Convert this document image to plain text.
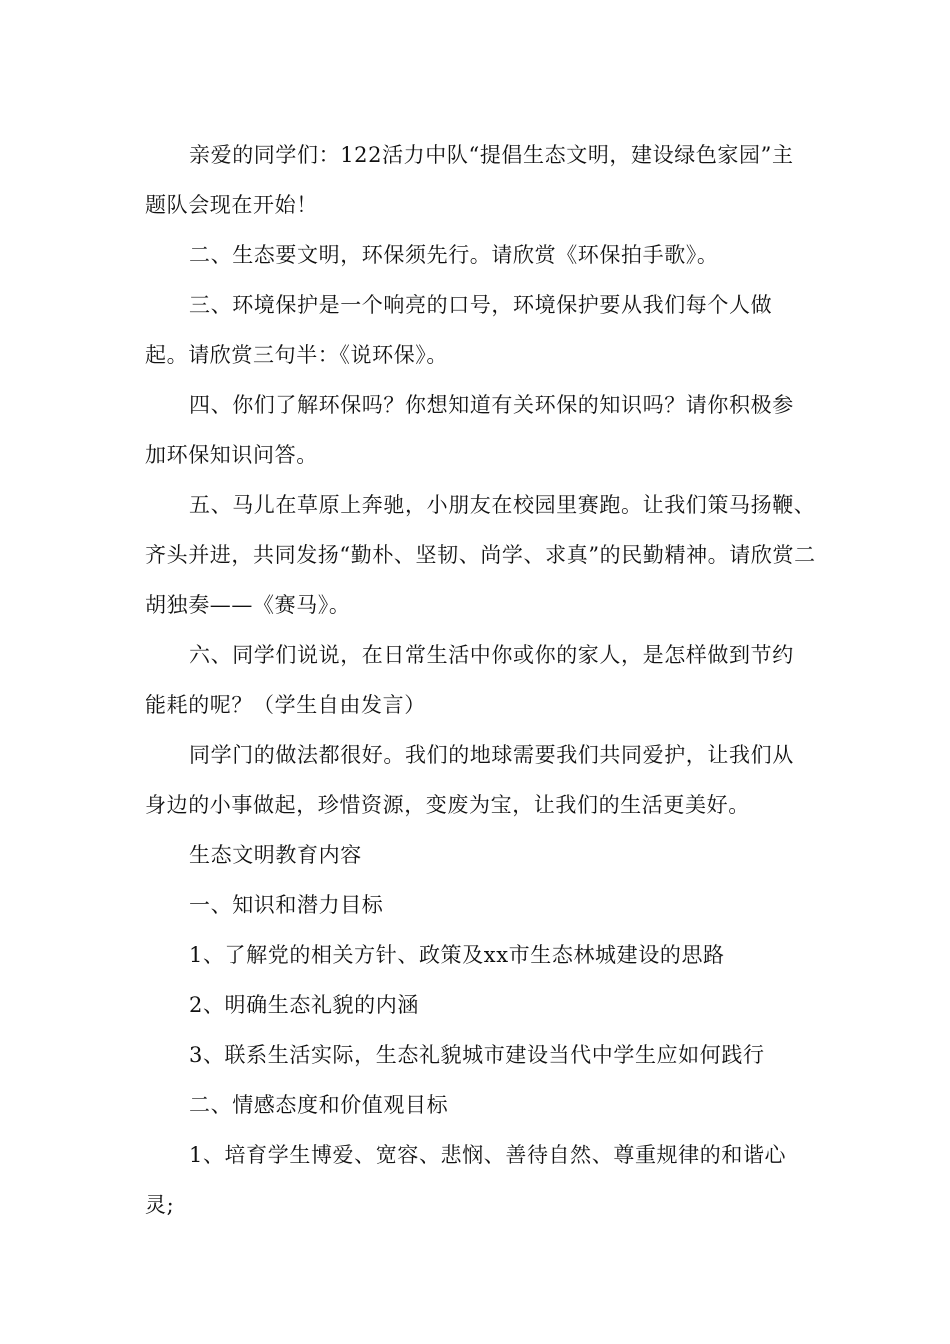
亲爱的同学们：122活力中队“提倡生态文明，建设绿色家园”主题队会现在开始！

二、生态要文明，环保须先行。请欣赏《环保拍手歌》。

三、环境保护是一个响亮的口号，环境保护要从我们每个人做起。请欣赏三句半：《说环保》。

四、你们了解环保吗？你想知道有关环保的知识吗？请你积极参加环保知识问答。

五、马儿在草原上奔驰，小朋友在校园里赛跑。让我们策马扬鞭、齐头并进，共同发扬“勤朴、坚韧、尚学、求真”的民勤精神。请欣赏二胡独奏——《赛马》。

六、同学们说说，在日常生活中你或你的家人，是怎样做到节约能耗的呢？（学生自由发言）

同学门的做法都很好。我们的地球需要我们共同爱护，让我们从身边的小事做起，珍惜资源，变废为宝，让我们的生活更美好。

生态文明教育内容

一、知识和潜力目标

1、了解党的相关方针、政策及xx市生态林城建设的思路

2、明确生态礼貌的内涵

3、联系生活实际，生态礼貌城市建设当代中学生应如何践行

二、情感态度和价值观目标

1、培育学生博爱、宽容、悲悯、善待自然、尊重规律的和谐心灵;
